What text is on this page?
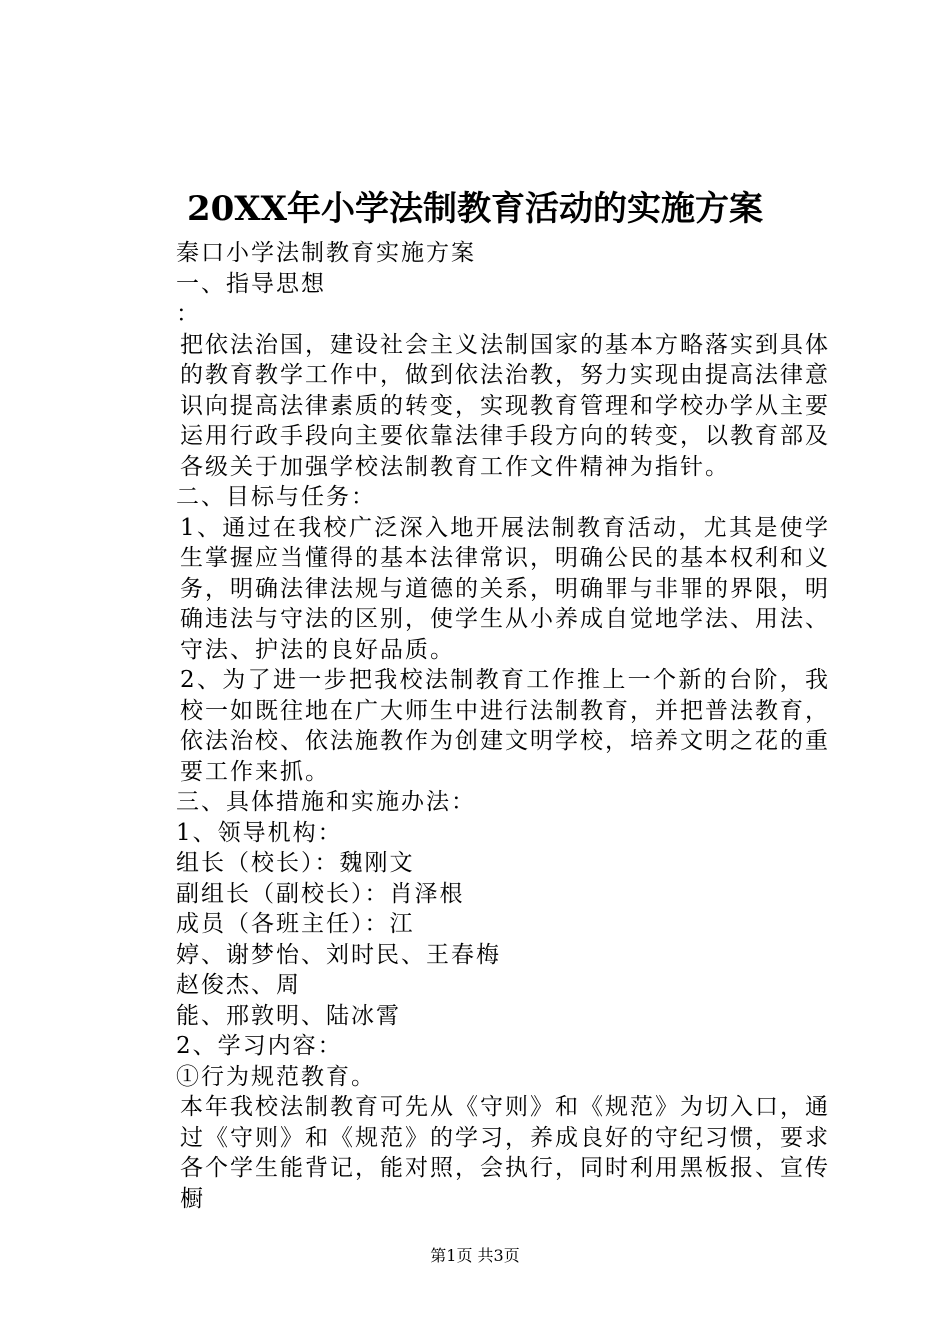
20XX年小学法制教育活动的实施方案

秦口小学法制教育实施方案

一、指导思想

：

把依法治国，建设社会主义法制国家的基本方略落实到具体的教育教学工作中，做到依法治教，努力实现由提高法律意识向提高法律素质的转变，实现教育管理和学校办学从主要运用行政手段向主要依靠法律手段方向的转变，以教育部及各级关于加强学校法制教育工作文件精神为指针。

二、目标与任务：

1、通过在我校广泛深入地开展法制教育活动，尤其是使学生掌握应当懂得的基本法律常识，明确公民的基本权利和义务，明确法律法规与道德的关系，明确罪与非罪的界限，明确违法与守法的区别，使学生从小养成自觉地学法、用法、守法、护法的良好品质。

2、为了进一步把我校法制教育工作推上一个新的台阶，我校一如既往地在广大师生中进行法制教育，并把普法教育，依法治校、依法施教作为创建文明学校，培养文明之花的重要工作来抓。

三、具体措施和实施办法：

1、领导机构：

组长（校长）：魏刚文

副组长（副校长）：肖泽根

成员（各班主任）：江

婷、谢梦怡、刘时民、王春梅

赵俊杰、周

能、邢敦明、陆冰霄

2、学习内容：

①行为规范教育。

本年我校法制教育可先从《守则》和《规范》为切入口，通过《守则》和《规范》的学习，养成良好的守纪习惯，要求各个学生能背记，能对照，会执行，同时利用黑板报、宣传橱

第1页 共3页
